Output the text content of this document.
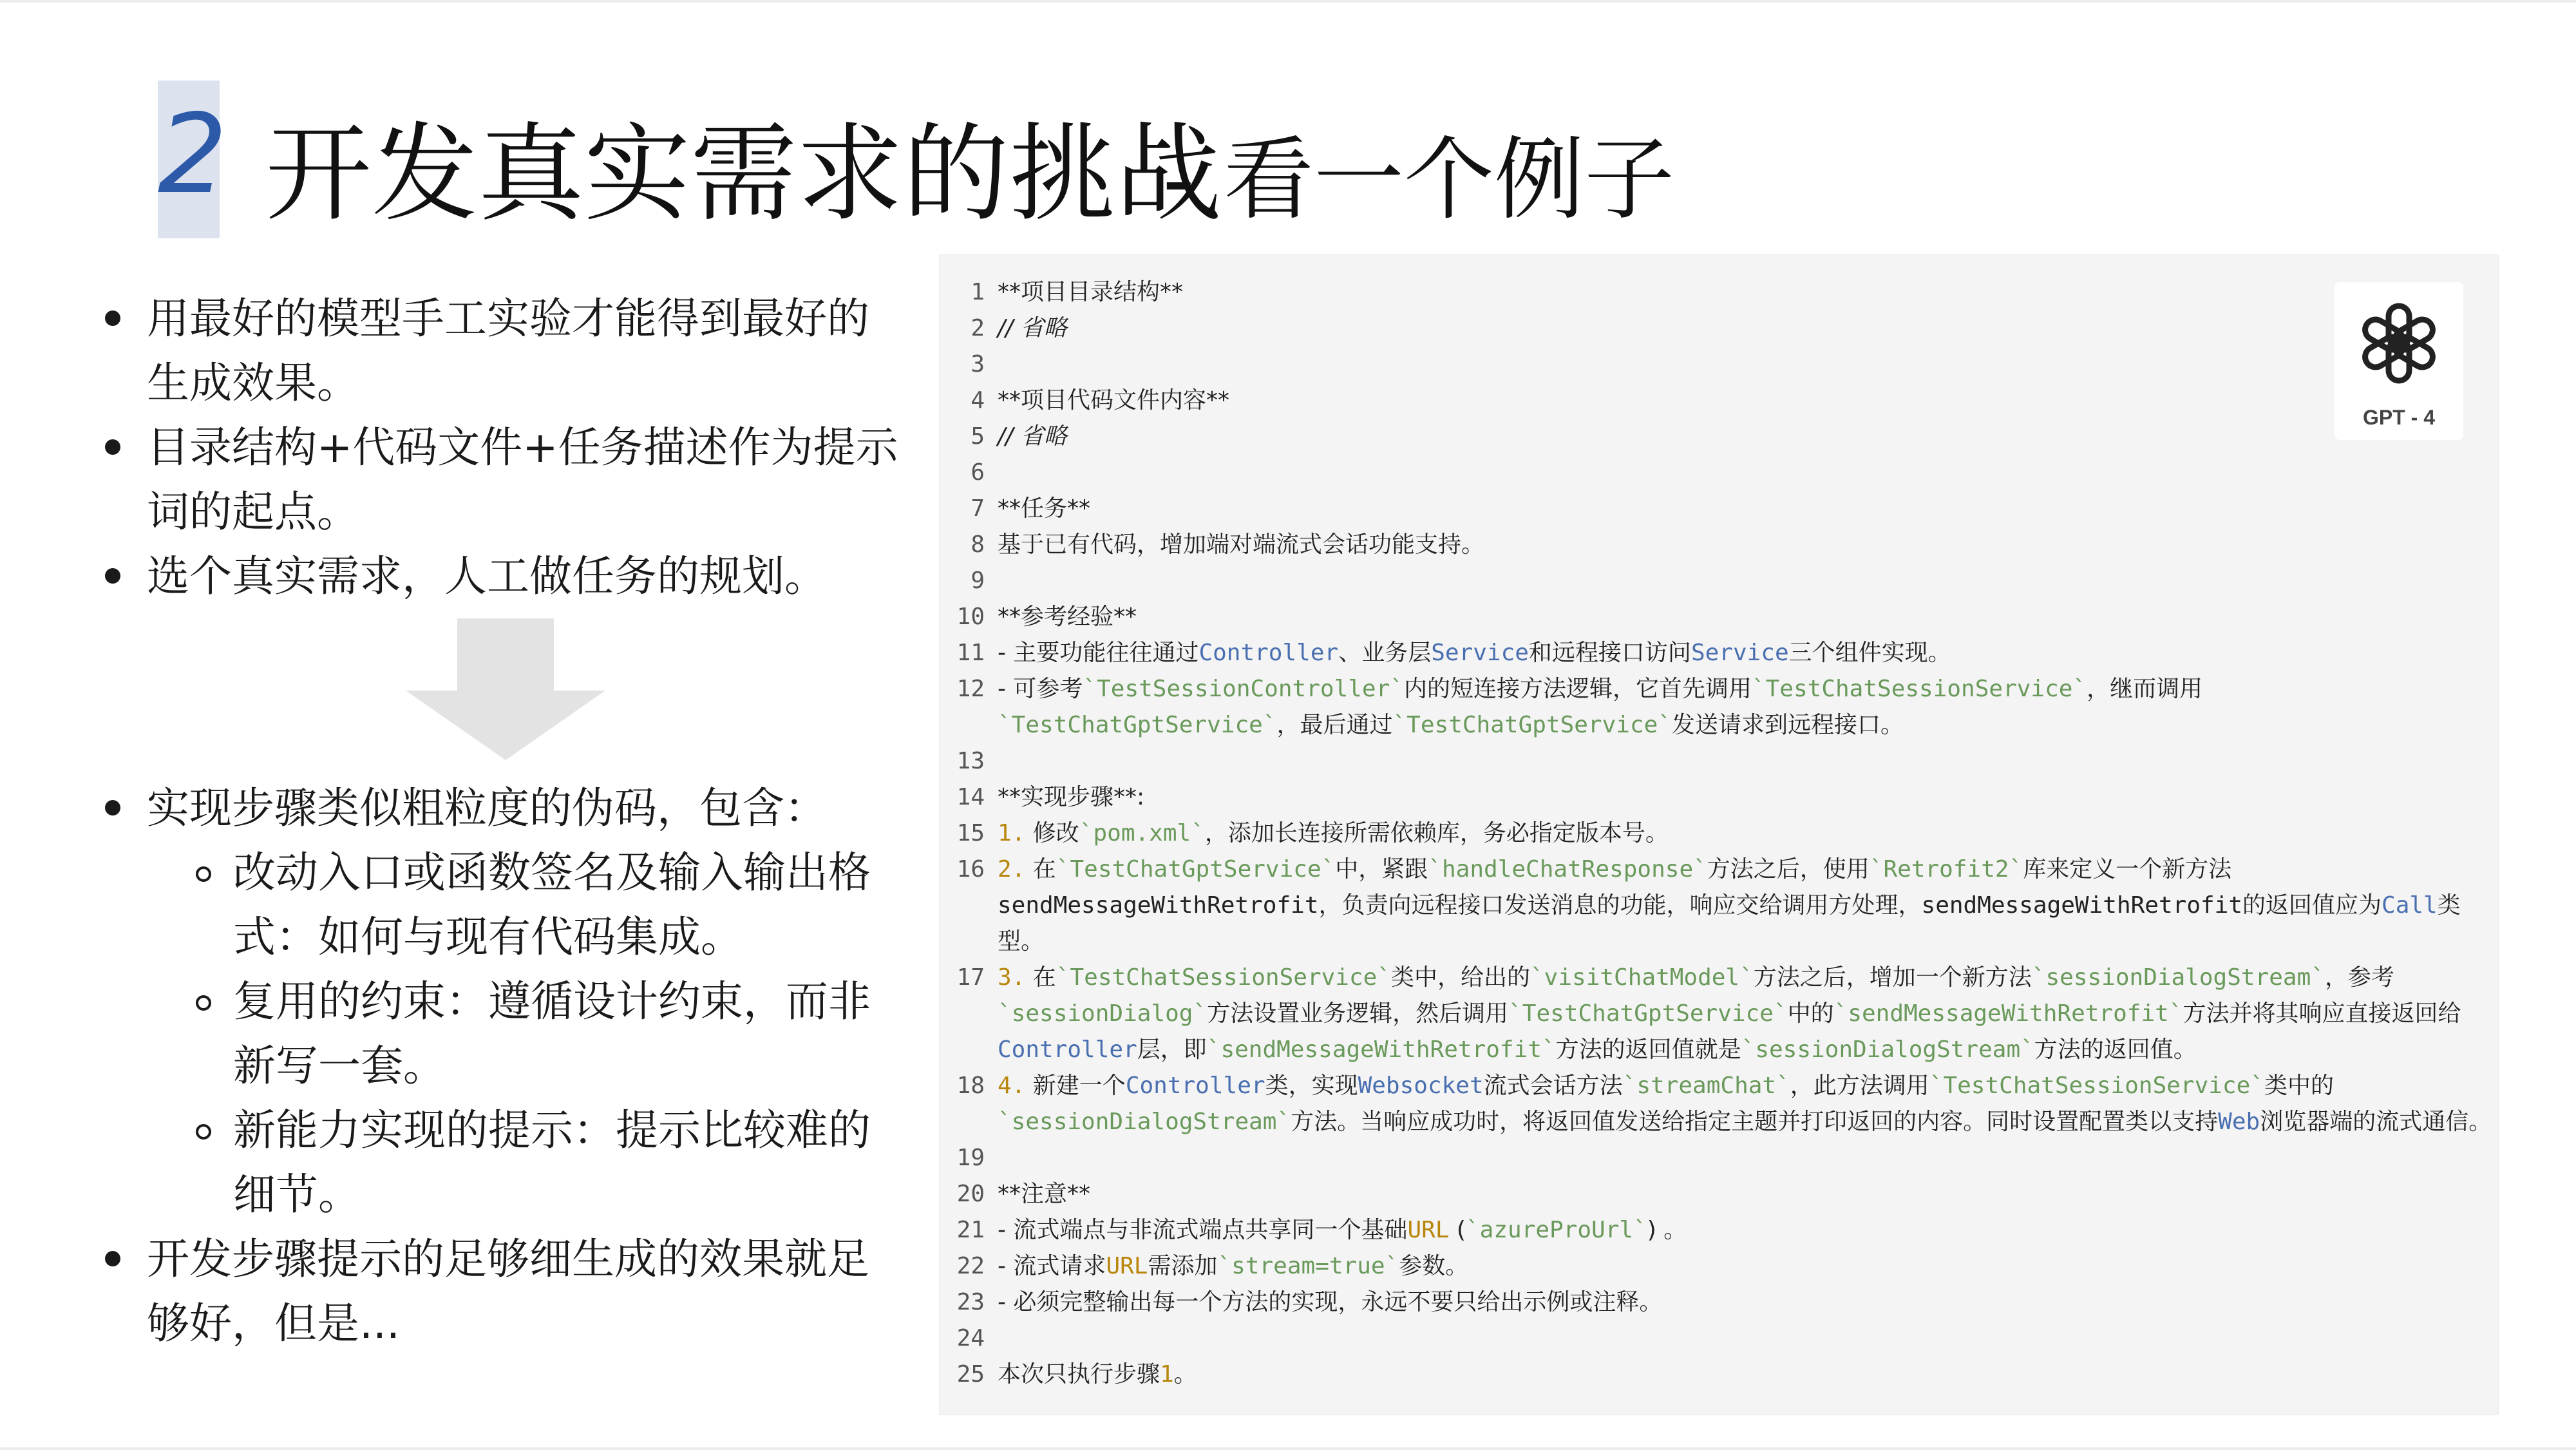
2 开发真实需求的挑战
- 看一个例子
用最好的模型手工实验才能得到最好的
生成效果。
目录结构+代码文件+任务描述作为提示
词的起点。
选个真实需求，人工做任务的规划。
实现步骤类似粗粒度的伪码，包含：
改动入口或函数签名及输入输出格
式：如何与现有代码集成。
复用的约束：遵循设计约束，而非
新写一套。
新能力实现的提示：提示比较难的
细节。
开发步骤提示的足够细生成的效果就足
够好，但是...
GPT - 4
1 **项目目录结构**
2 // 省略
3
4 **项目代码文件内容**
5 // 省略
6
7 **任务**
8 基于已有代码，增加端对端流式会话功能支持。
9
10 **参考经验**
11 - 主要功能往往通过Controller、业务层Service和远程接口访问Service三个组件实现。
12 - 可参考`TestSessionController`内的短连接方法逻辑，它首先调用`TestChatSessionService`，继而调用
`TestChatGptService`，最后通过`TestChatGptService`发送请求到远程接口。
13
14 **实现步骤**:
15 1. 修改`pom.xml`，添加长连接所需依赖库，务必指定版本号。
16 2. 在`TestChatGptService`中，紧跟`handleChatResponse`方法之后，使用`Retrofit2`库来定义一个新方法
sendMessageWithRetrofit，负责向远程接口发送消息的功能，响应交给调用方处理，sendMessageWithRetrofit的返回值应为Call类
型。
17 3. 在`TestChatSessionService`类中，给出的`visitChatModel`方法之后，增加一个新方法`sessionDialogStream`，参考
`sessionDialog`方法设置业务逻辑，然后调用`TestChatGptService`中的`sendMessageWithRetrofit`方法并将其响应直接返回给
Controller层，即`sendMessageWithRetrofit`方法的返回值就是`sessionDialogStream`方法的返回值。
18 4. 新建一个Controller类，实现Websocket流式会话方法`streamChat`，此方法调用`TestChatSessionService`类中的
`sessionDialogStream`方法。当响应成功时，将返回值发送给指定主题并打印返回的内容。同时设置配置类以支持Web浏览器端的流式通信。
19
20 **注意**
21 - 流式端点与非流式端点共享同一个基础URL (`azureProUrl`) 。
22 - 流式请求URL需添加`stream=true`参数。
23 - 必须完整输出每一个方法的实现，永远不要只给出示例或注释。
24
25 本次只执行步骤1。
